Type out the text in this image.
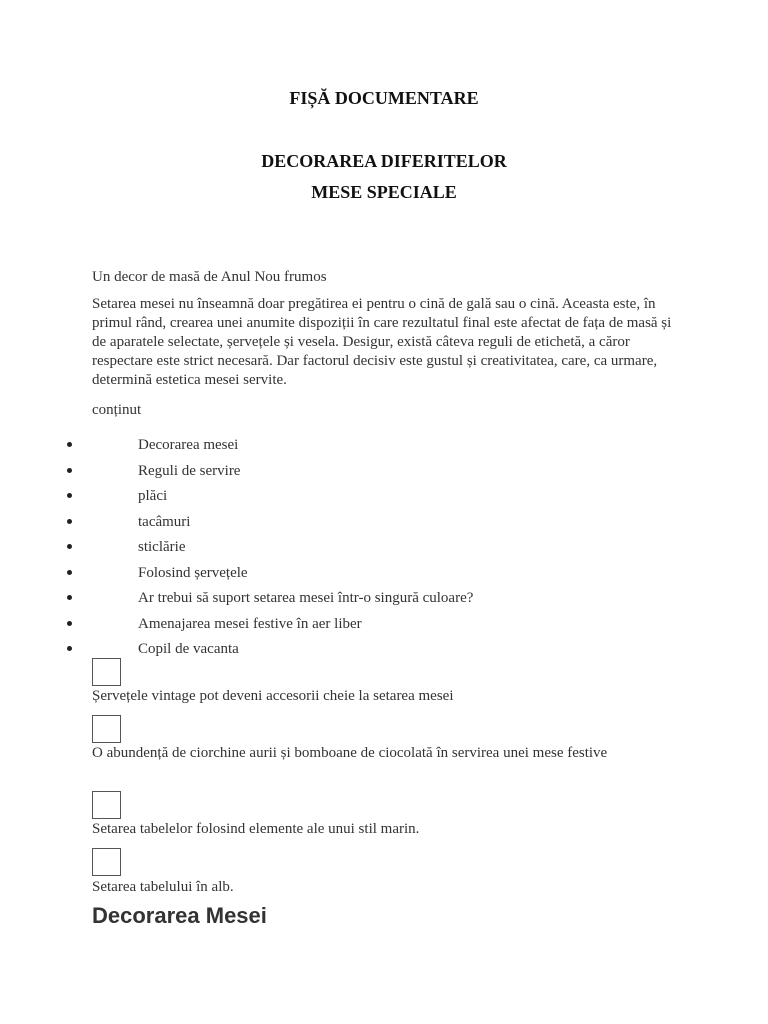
FIȘĂ DOCUMENTARE
DECORAREA DIFERITELOR
MESE SPECIALE
Un decor de masă de Anul Nou frumos
Setarea mesei nu înseamnă doar pregătirea ei pentru o cină de gală sau o cină. Aceasta este, în primul rând, crearea unei anumite dispoziții în care rezultatul final este afectat de fața de masă și de aparatele selectate, șervețele și vesela. Desigur, există câteva reguli de etichetă, a căror respectare este strict necesară. Dar factorul decisiv este gustul și creativitatea, care, ca urmare, determină estetica mesei servite.
conținut
Decorarea mesei
Reguli de servire
plăci
tacâmuri
sticlărie
Folosind șervețele
Ar trebui să suport setarea mesei într-o singură culoare?
Amenajarea mesei festive în aer liber
Copil de vacanta
Șervețele vintage pot deveni accesorii cheie la setarea mesei
O abundență de ciorchine aurii și bomboane de ciocolată în servirea unei mese festive
Setarea tabelelor folosind elemente ale unui stil marin.
Setarea tabelului în alb.
Decorarea Mesei
